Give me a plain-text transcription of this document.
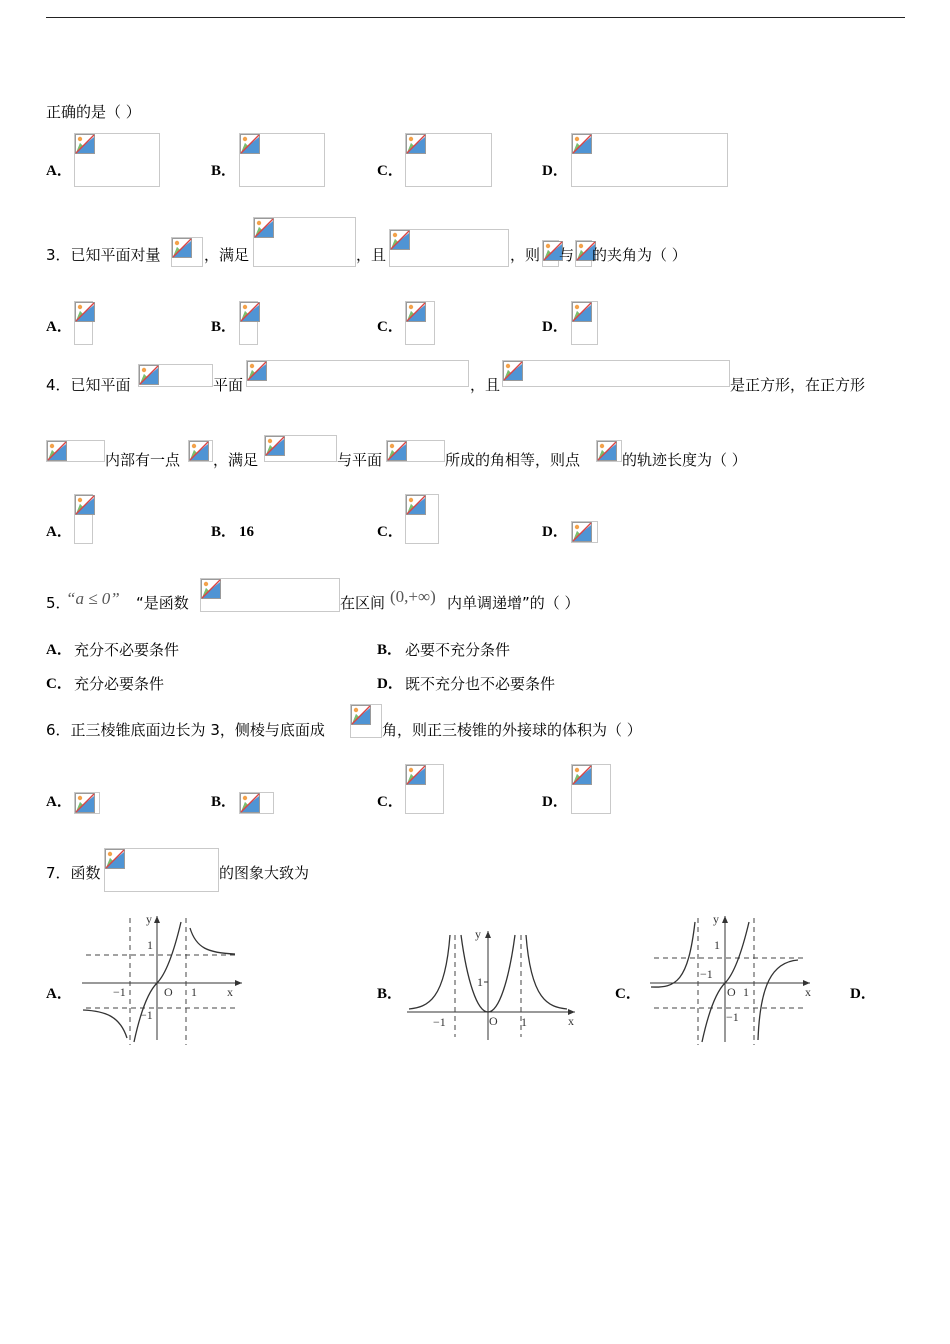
正确的是（ ）
A．	B．	C．	D．
3．已知平面对量	，满足	，且	，则 与 的夹角为（ ）
A．	B．	C．	D．
4．已知平面	平面	，且	是正方形，在正方形
内部有一点 ，满足	与平面	所成的角相等，则点	的轨迹长度为（ ）
A．	B． 16	C．	D．
5．
“a ≤ 0” “是函数	在区间 (0,+∞) 内单调递增”的（ ）
A． 充分不必要条件	B． 必要不充分条件
C． 充分必要条件	D． 既不充分也不必要条件
6．正三棱锥底面边长为 3，侧棱与底面成	角，则正三棱锥的外接球的体积为（ ）
A．	B．	C．	D．
7．函数	的图象大致为
A．	x
y
O 1
−1
1
−1
B．
x
y
O 1
−1
1
C．	x
y
O 1
−1
1
−1
D．
